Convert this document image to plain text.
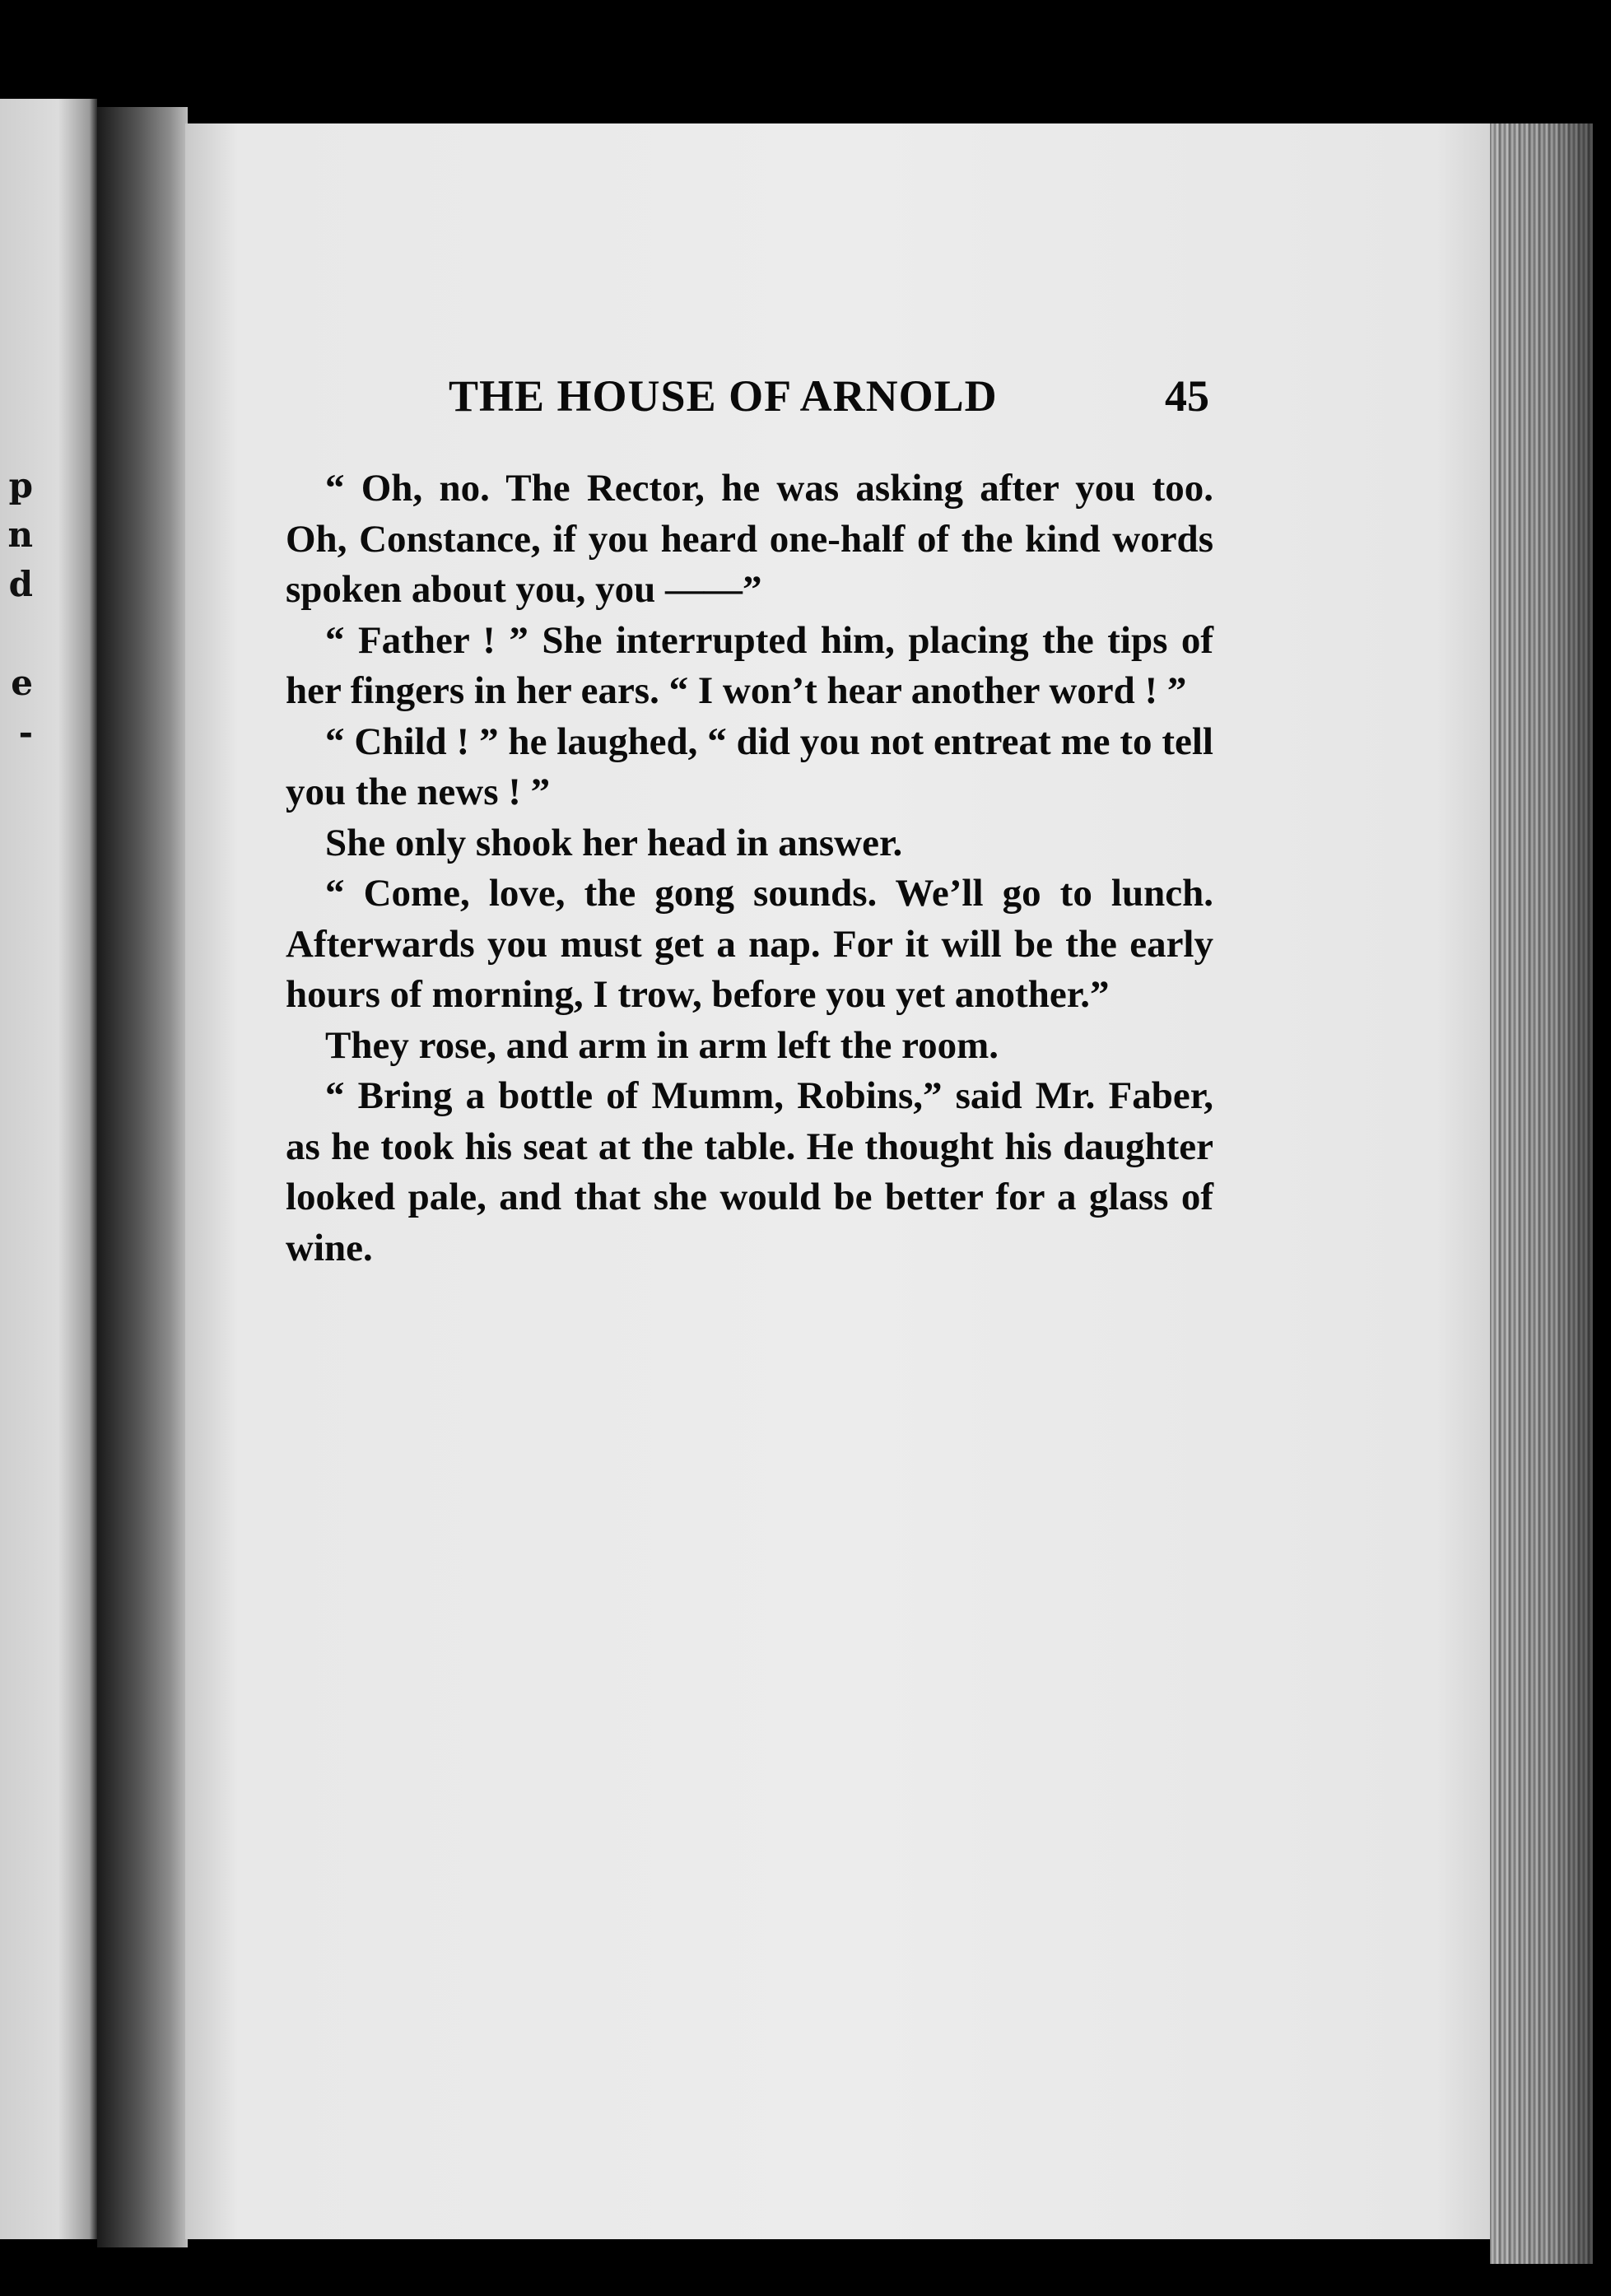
p
n
d
e
-
THE HOUSE OF ARNOLD	45

“ Oh, no. The Rector, he was asking after you too. Oh, Constance, if you heard one-half of the kind words spoken about you, you ——”

“ Father ! ” She interrupted him, placing the tips of her fingers in her ears. “ I won’t hear another word ! ”

“ Child ! ” he laughed, “ did you not entreat me to tell you the news ! ”

She only shook her head in answer.

“ Come, love, the gong sounds. We’ll go to lunch. Afterwards you must get a nap. For it will be the early hours of morning, I trow, before you yet another.”

They rose, and arm in arm left the room.

“ Bring a bottle of Mumm, Robins,” said Mr. Faber, as he took his seat at the table. He thought his daughter looked pale, and that she would be better for a glass of wine.
